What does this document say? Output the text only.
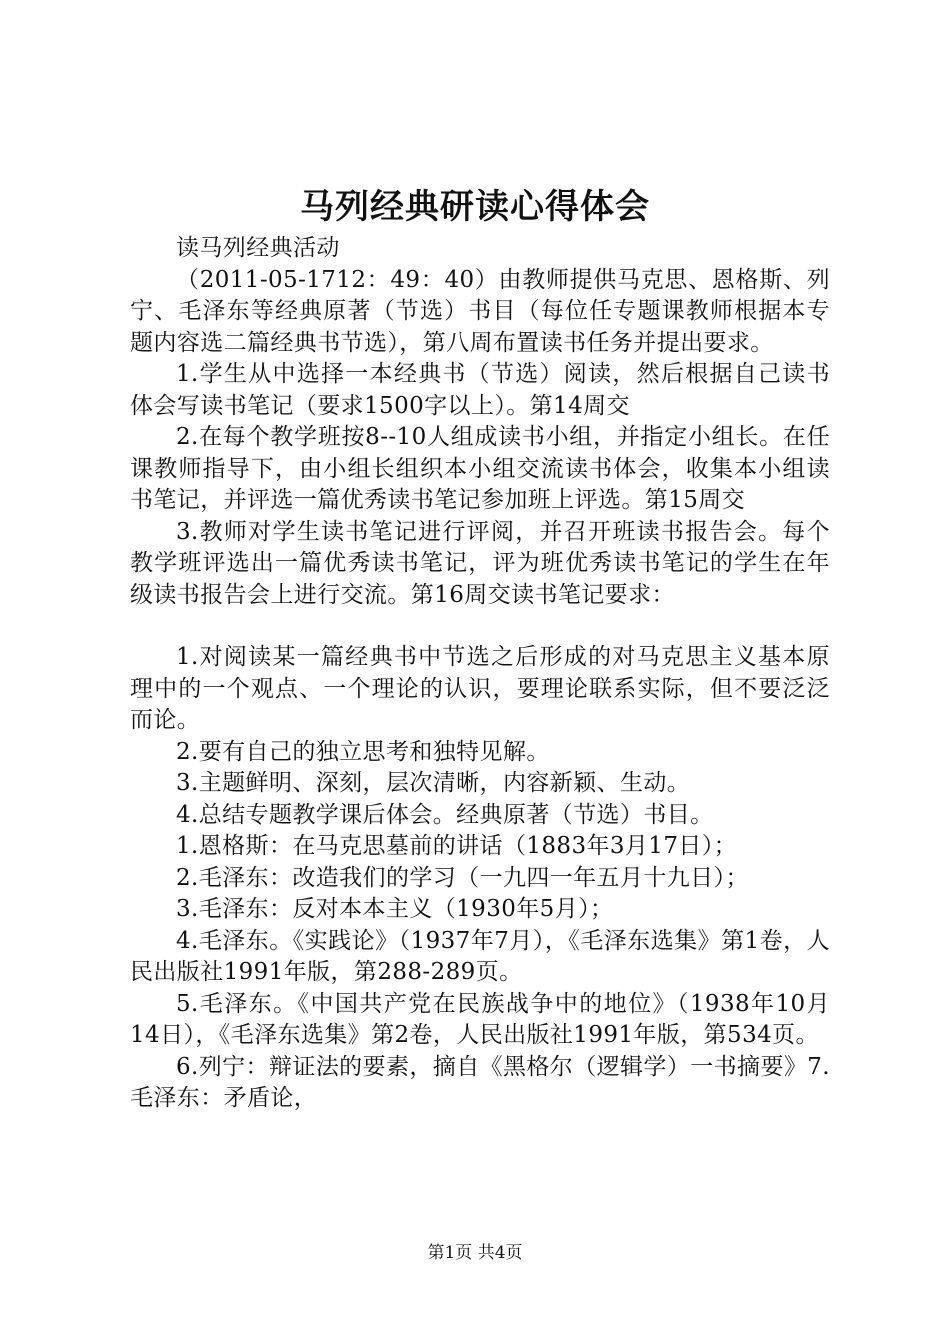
马列经典研读心得体会

读马列经典活动

（2011-05-1712：49：40）由教师提供马克思、恩格斯、列宁、毛泽东等经典原著（节选）书目（每位任专题课教师根据本专题内容选二篇经典书节选），第八周布置读书任务并提出要求。

1.学生从中选择一本经典书（节选）阅读，然后根据自己读书体会写读书笔记（要求1500字以上）。第14周交

2.在每个教学班按8--10人组成读书小组，并指定小组长。在任课教师指导下，由小组长组织本小组交流读书体会，收集本小组读书笔记，并评选一篇优秀读书笔记参加班上评选。第15周交

3.教师对学生读书笔记进行评阅，并召开班读书报告会。每个教学班评选出一篇优秀读书笔记，评为班优秀读书笔记的学生在年级读书报告会上进行交流。第16周交读书笔记要求：

1.对阅读某一篇经典书中节选之后形成的对马克思主义基本原理中的一个观点、一个理论的认识，要理论联系实际，但不要泛泛而论。

2.要有自己的独立思考和独特见解。

3.主题鲜明、深刻，层次清晰，内容新颖、生动。

4.总结专题教学课后体会。经典原著（节选）书目。

1.恩格斯：在马克思墓前的讲话（1883年3月17日）；

2.毛泽东：改造我们的学习（一九四一年五月十九日）；

3.毛泽东：反对本本主义（1930年5月）；

4.毛泽东。《实践论》（1937年7月），《毛泽东选集》第1卷，人民出版社1991年版，第288-289页。

5.毛泽东。《中国共产党在民族战争中的地位》（1938年10月14日），《毛泽东选集》第2卷，人民出版社1991年版，第534页。

6.列宁：辩证法的要素，摘自《黑格尔（逻辑学）一书摘要》7.毛泽东：矛盾论，

第1页 共4页
